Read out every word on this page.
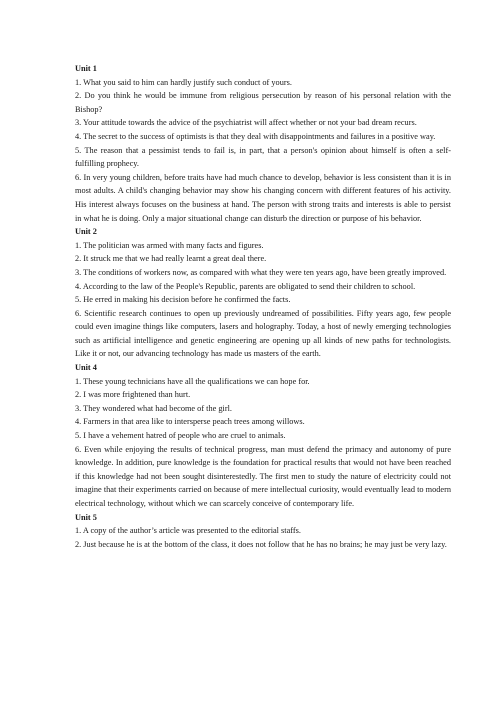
Unit 1

1. What you said to him can hardly justify such conduct of yours.

2. Do you think he would be immune from religious persecution by reason of his personal relation with the Bishop?

3. Your attitude towards the advice of the psychiatrist will affect whether or not your bad dream recurs.

4. The secret to the success of optimists is that they deal with disappointments and failures in a positive way.

5. The reason that a pessimist tends to fail is, in part, that a person's opinion about himself is often a self-fulfilling prophecy.

6. In very young children, before traits have had much chance to develop, behavior is less consistent than it is in most adults. A child's changing behavior may show his changing concern with different features of his activity. His interest always focuses on the business at hand. The person with strong traits and interests is able to persist in what he is doing. Only a major situational change can disturb the direction or purpose of his behavior.

Unit 2

1. The politician was armed with many facts and figures.

2. It struck me that we had really learnt a great deal there.

3. The conditions of workers now, as compared with what they were ten years ago, have been greatly improved.

4. According to the law of the People's Republic, parents are obligated to send their children to school.

5. He erred in making his decision before he confirmed the facts.

6. Scientific research continues to open up previously undreamed of possibilities. Fifty years ago, few people could even imagine things like computers, lasers and holography. Today, a host of newly emerging technologies such as artificial intelligence and genetic engineering are opening up all kinds of new paths for technologists. Like it or not, our advancing technology has made us masters of the earth.

Unit 4

1. These young technicians have all the qualifications we can hope for.

2. I was more frightened than hurt.

3. They wondered what had become of the girl.

4. Farmers in that area like to intersperse peach trees among willows.

5. I have a vehement hatred of people who are cruel to animals.

6. Even while enjoying the results of technical progress, man must defend the primacy and autonomy of pure knowledge. In addition, pure knowledge is the foundation for practical results that would not have been reached if this knowledge had not been sought disinterestedly. The first men to study the nature of electricity could not imagine that their experiments carried on because of mere intellectual curiosity, would eventually lead to modern electrical technology, without which we can scarcely conceive of contemporary life.

Unit 5

1. A copy of the author’s article was presented to the editorial staffs.

2. Just because he is at the bottom of the class, it does not follow that he has no brains; he may just be very lazy.
